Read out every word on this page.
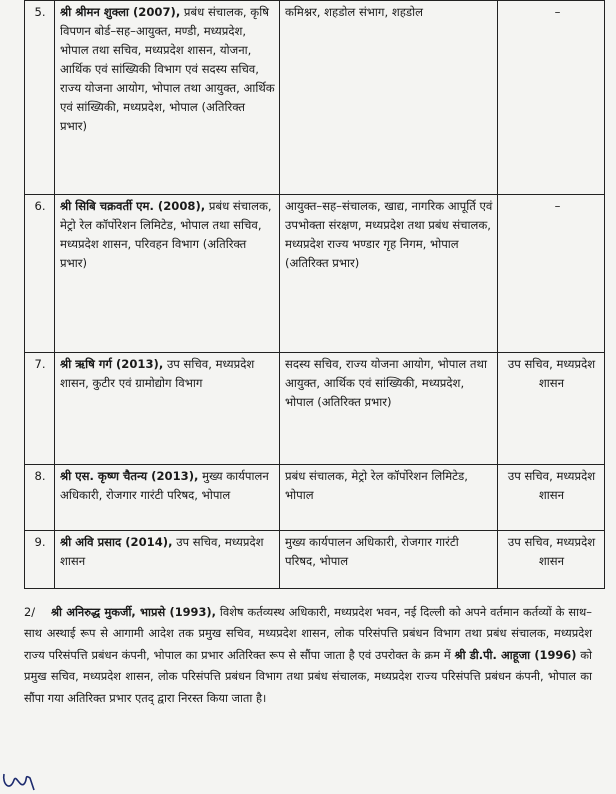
5.	श्री श्रीमन शुक्ला (2007), प्रबंध संचालक, कृषि विपणन बोर्ड–सह–आयुक्त, मण्डी, मध्यप्रदेश, भोपाल तथा सचिव, मध्यप्रदेश शासन, योजना, आर्थिक एवं सांख्यिकी विभाग एवं सदस्य सचिव, राज्य योजना आयोग, भोपाल तथा आयुक्त, आर्थिक एवं सांख्यिकी, मध्यप्रदेश, भोपाल (अतिरिक्त प्रभार)	कमिश्नर, शहडोल संभाग, शहडोल	–

6.	श्री सिबि चक्रवर्ती एम. (2008), प्रबंध संचालक, मेट्रो रेल कॉर्पोरेशन लिमिटेड, भोपाल तथा सचिव, मध्यप्रदेश शासन, परिवहन विभाग (अतिरिक्त प्रभार)	आयुक्त–सह–संचालक, खाद्य, नागरिक आपूर्ति एवं उपभोक्ता संरक्षण, मध्यप्रदेश तथा प्रबंध संचालक, मध्यप्रदेश राज्य भण्डार गृह निगम, भोपाल (अतिरिक्त प्रभार)	–

7.	श्री ऋषि गर्ग (2013), उप सचिव, मध्यप्रदेश शासन, कुटीर एवं ग्रामोद्योग विभाग	सदस्य सचिव, राज्य योजना आयोग, भोपाल तथा आयुक्त, आर्थिक एवं सांख्यिकी, मध्यप्रदेश, भोपाल (अतिरिक्त प्रभार)	उप सचिव, मध्यप्रदेश शासन
8.	श्री एस. कृष्ण चैतन्य (2013), मुख्य कार्यपालन अधिकारी, रोजगार गारंटी परिषद, भोपाल	प्रबंध संचालक, मेट्रो रेल कॉर्पोरेशन लिमिटेड, भोपाल	उप सचिव, मध्यप्रदेश शासन
9.	श्री अवि प्रसाद (2014), उप सचिव, मध्यप्रदेश शासन	मुख्य कार्यपालन अधिकारी, रोजगार गारंटी परिषद, भोपाल	उप सचिव, मध्यप्रदेश शासन
2/ श्री अनिरुद्ध मुकर्जी, भाप्रसे (1993), विशेष कर्तव्यस्थ अधिकारी, मध्यप्रदेश भवन, नई दिल्ली को अपने वर्तमान कर्तव्यों के साथ–साथ अस्थाई रूप से आगामी आदेश तक प्रमुख सचिव, मध्यप्रदेश शासन, लोक परिसंपत्ति प्रबंधन विभाग तथा प्रबंध संचालक, मध्यप्रदेश राज्य परिसंपत्ति प्रबंधन कंपनी, भोपाल का प्रभार अतिरिक्त रूप से सौंपा जाता है एवं उपरोक्त के क्रम में श्री डी.पी. आहूजा (1996) को प्रमुख सचिव, मध्यप्रदेश शासन, लोक परिसंपत्ति प्रबंधन विभाग तथा प्रबंध संचालक, मध्यप्रदेश राज्य परिसंपत्ति प्रबंधन कंपनी, भोपाल का सौंपा गया अतिरिक्त प्रभार एतद् द्वारा निरस्त किया जाता है।
